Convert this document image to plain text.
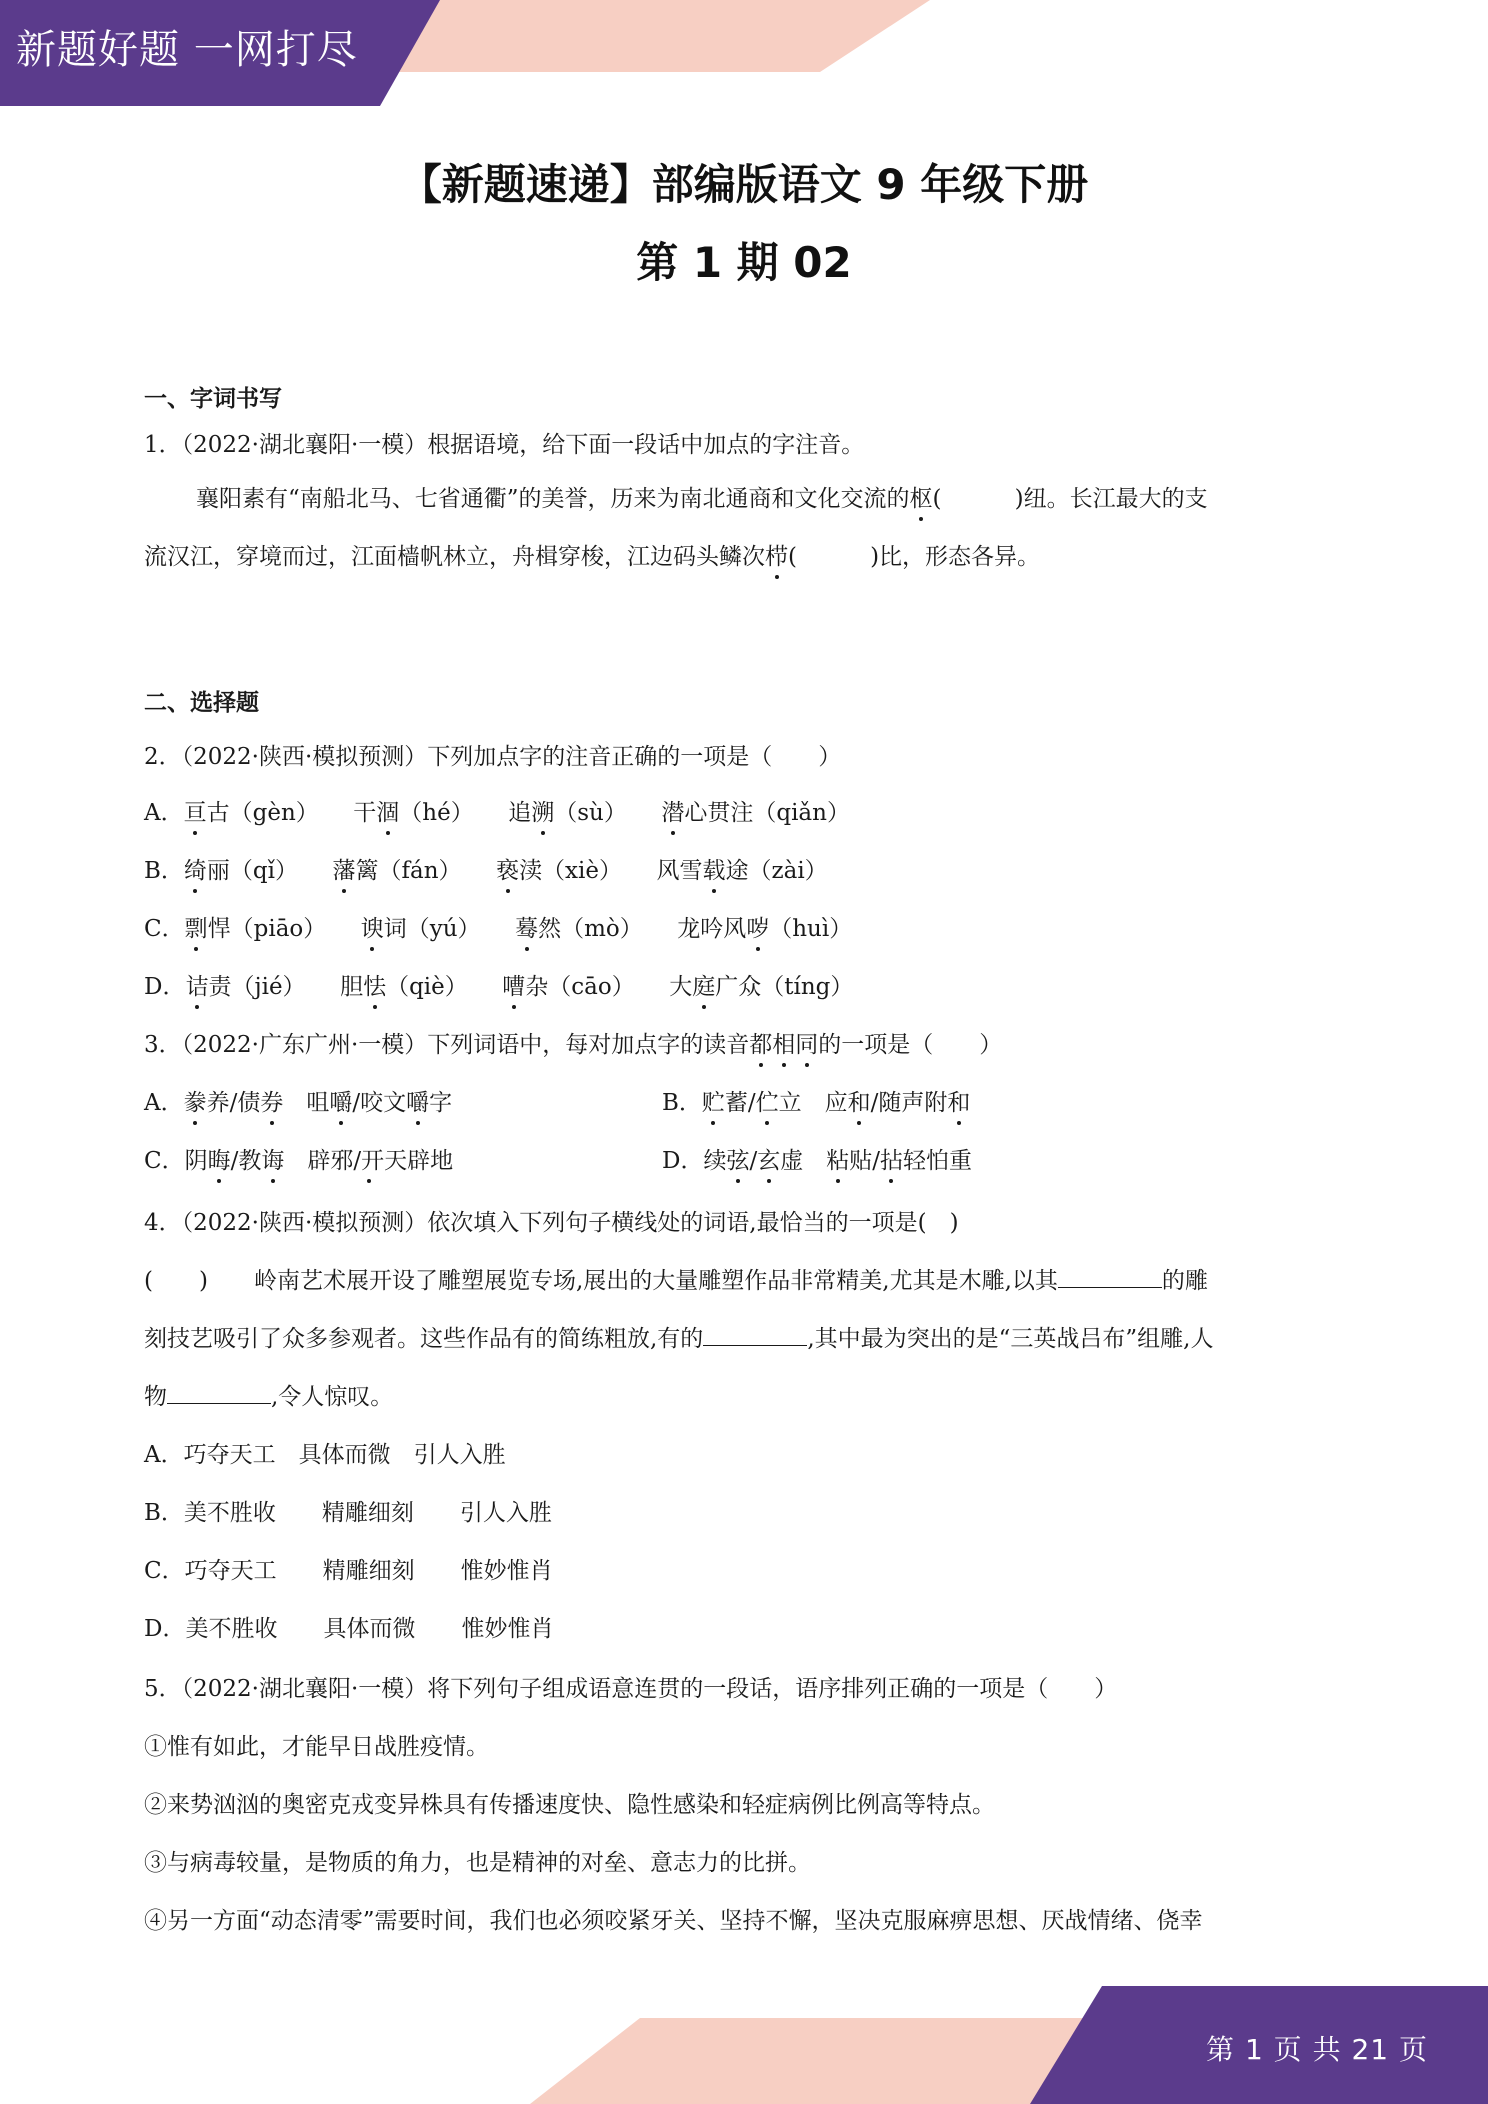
新题好题 一网打尽
【新题速递】部编版语文 9 年级下册
第 1 期 02
一、字词书写
1．（2022·湖北襄阳·一模）根据语境，给下面一段话中加点的字注音。
襄阳素有“南船北马、七省通衢”的美誉，历来为南北通商和文化交流的枢(          )纽。长江最大的支
流汉江，穿境而过，江面樯帆林立，舟楫穿梭，江边码头鳞次栉(          )比，形态各异。
二、选择题
2．（2022·陕西·模拟预测）下列加点字的注音正确的一项是（　　）
A．亘古（gèn）　　干涸（hé）　　 追溯（sù）　　 潜心贯注（qiǎn）
B．绮丽（qǐ）　　 藩篱（fán）　　 亵渎（xiè）　　 风雪载途（zài）
C．剽悍（piāo）　　 谀词（yú）　　 蓦然（mò）　　 龙吟风哕（huì）
D．诘责（jié）　　 胆怯（qiè）　　 嘈杂（cāo）　　 大庭广众（tíng）
3．（2022·广东广州·一模）下列词语中，每对加点字的读音都相同的一项是（　　）
A．豢养/债券　咀嚼/咬文嚼字	B．贮蓄/伫立　应和/随声附和
C．阴晦/教诲　辟邪/开天辟地	D．续弦/玄虚　粘贴/拈轻怕重
4．（2022·陕西·模拟预测）依次填入下列句子横线处的词语,最恰当的一项是(　)
(　　)　　岭南艺术展开设了雕塑展览专场,展出的大量雕塑作品非常精美,尤其是木雕,以其	的雕
刻技艺吸引了众多参观者。这些作品有的简练粗放,有的	,其中最为突出的是“三英战吕布”组雕,人
物	,令人惊叹。
A．巧夺天工　具体而微　引人入胜
B．美不胜收　　精雕细刻　　引人入胜
C．巧夺天工　　精雕细刻　　惟妙惟肖
D．美不胜收　　具体而微　　惟妙惟肖
5．（2022·湖北襄阳·一模）将下列句子组成语意连贯的一段话，语序排列正确的一项是（　　）
①惟有如此，才能早日战胜疫情。
②来势汹汹的奥密克戎变异株具有传播速度快、隐性感染和轻症病例比例高等特点。
③与病毒较量，是物质的角力，也是精神的对垒、意志力的比拼。
④另一方面“动态清零”需要时间，我们也必须咬紧牙关、坚持不懈，坚决克服麻痹思想、厌战情绪、侥幸
第 1 页 共 21 页
